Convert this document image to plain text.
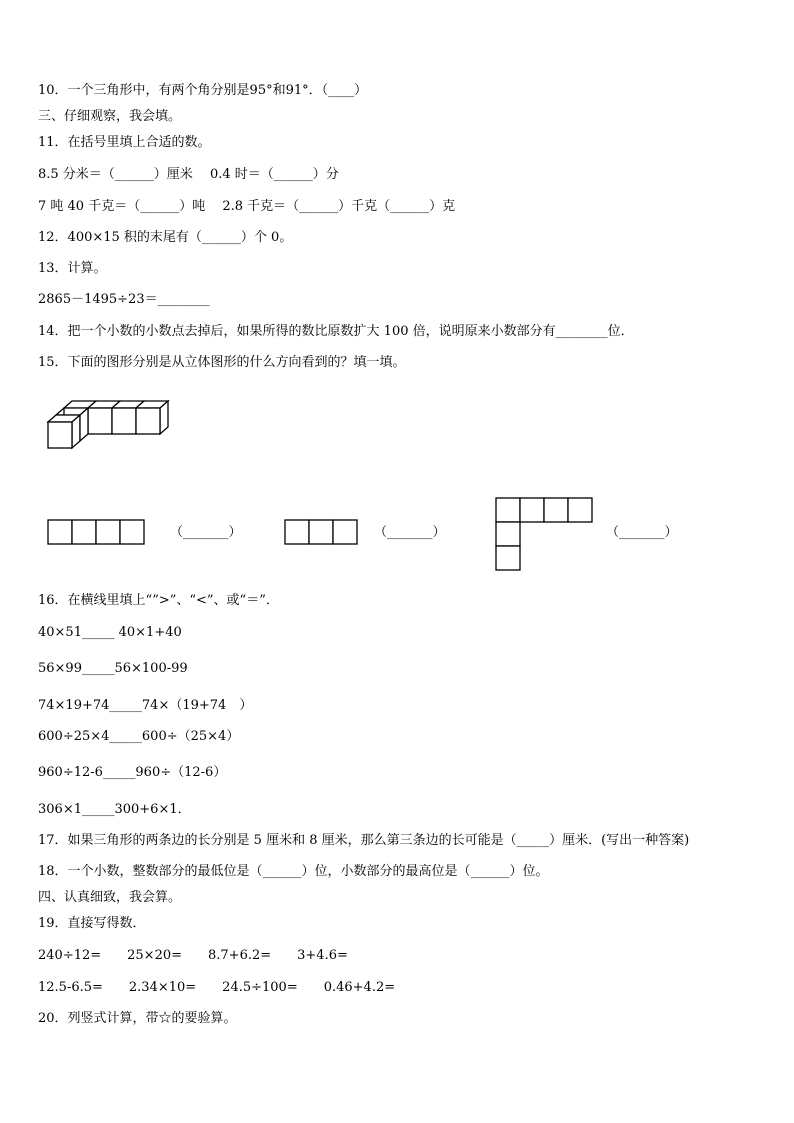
10．一个三角形中，有两个角分别是95°和91°．（____）
三、仔细观察，我会填。
11．在括号里填上合适的数。
8.5 分米＝（______）厘米　 0.4 时＝（______）分
7 吨 40 千克＝（______）吨　 2.8 千克＝（______）千克（______）克
12．400×15 积的末尾有（______）个 0。
13．计算。
2865－1495÷23＝________
14．把一个小数的小数点去掉后，如果所得的数比原数扩大 100 倍，说明原来小数部分有________位．
15．下面的图形分别是从立体图形的什么方向看到的？填一填。
（_______）	（_______）	（_______）
16．在横线里填上“”>”、“<”、或“＝”．
40×51_____ 40×1+40
56×99_____56×100-99
74×19+74_____74×（19+74　）
600÷25×4_____600÷（25×4）
960÷12-6_____960÷（12-6）
306×1_____300+6×1．
17．如果三角形的两条边的长分别是 5 厘米和 8 厘米，那么第三条边的长可能是（_____）厘米．(写出一种答案)
18．一个小数，整数部分的最低位是（______）位，小数部分的最高位是（______）位。
四、认真细致，我会算。
19．直接写得数．
240÷12=　　25×20=　　8.7+6.2=　　3+4.6=
12.5-6.5=　　2.34×10=　　24.5÷100=　　0.46+4.2=
20．列竖式计算，带☆的要验算。
